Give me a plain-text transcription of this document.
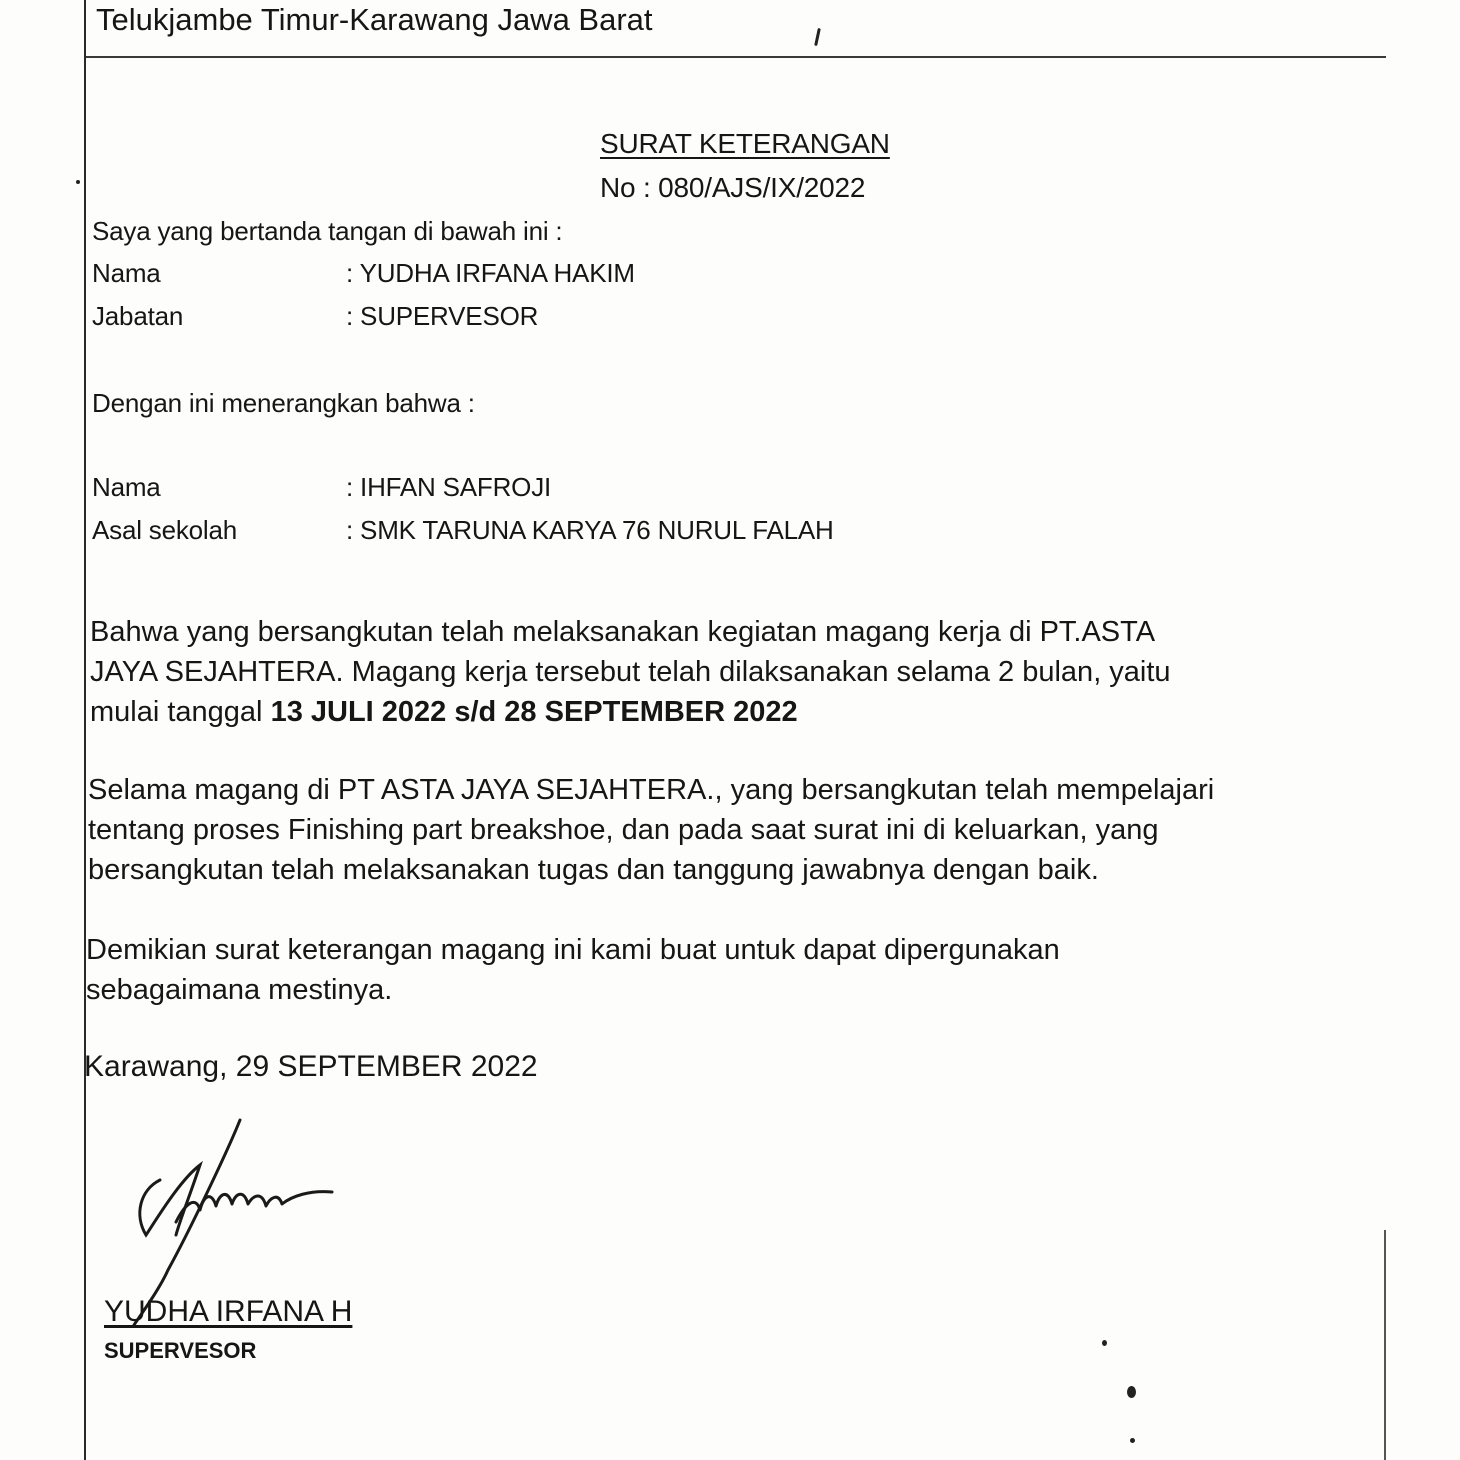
Telukjambe Timur-Karawang Jawa Barat
SURAT KETERANGAN
No : 080/AJS/IX/2022
Saya yang bertanda tangan di bawah ini :
Nama	: YUDHA IRFANA HAKIM
Jabatan	: SUPERVESOR
Dengan ini menerangkan bahwa :
Nama	: IHFAN SAFROJI
Asal sekolah	: SMK TARUNA KARYA 76 NURUL FALAH
Bahwa yang bersangkutan telah melaksanakan kegiatan magang kerja di PT.ASTA
JAYA SEJAHTERA. Magang kerja tersebut telah dilaksanakan selama 2 bulan, yaitu
mulai tanggal 13 JULI 2022 s/d 28 SEPTEMBER 2022
Selama magang di PT ASTA JAYA SEJAHTERA., yang bersangkutan telah mempelajari
tentang proses Finishing part breakshoe, dan pada saat surat ini di keluarkan, yang
bersangkutan telah melaksanakan tugas dan tanggung jawabnya dengan baik.
Demikian surat keterangan magang ini kami buat untuk dapat dipergunakan
sebagaimana mestinya.
Karawang, 29 SEPTEMBER 2022
YUDHA IRFANA H
SUPERVESOR
